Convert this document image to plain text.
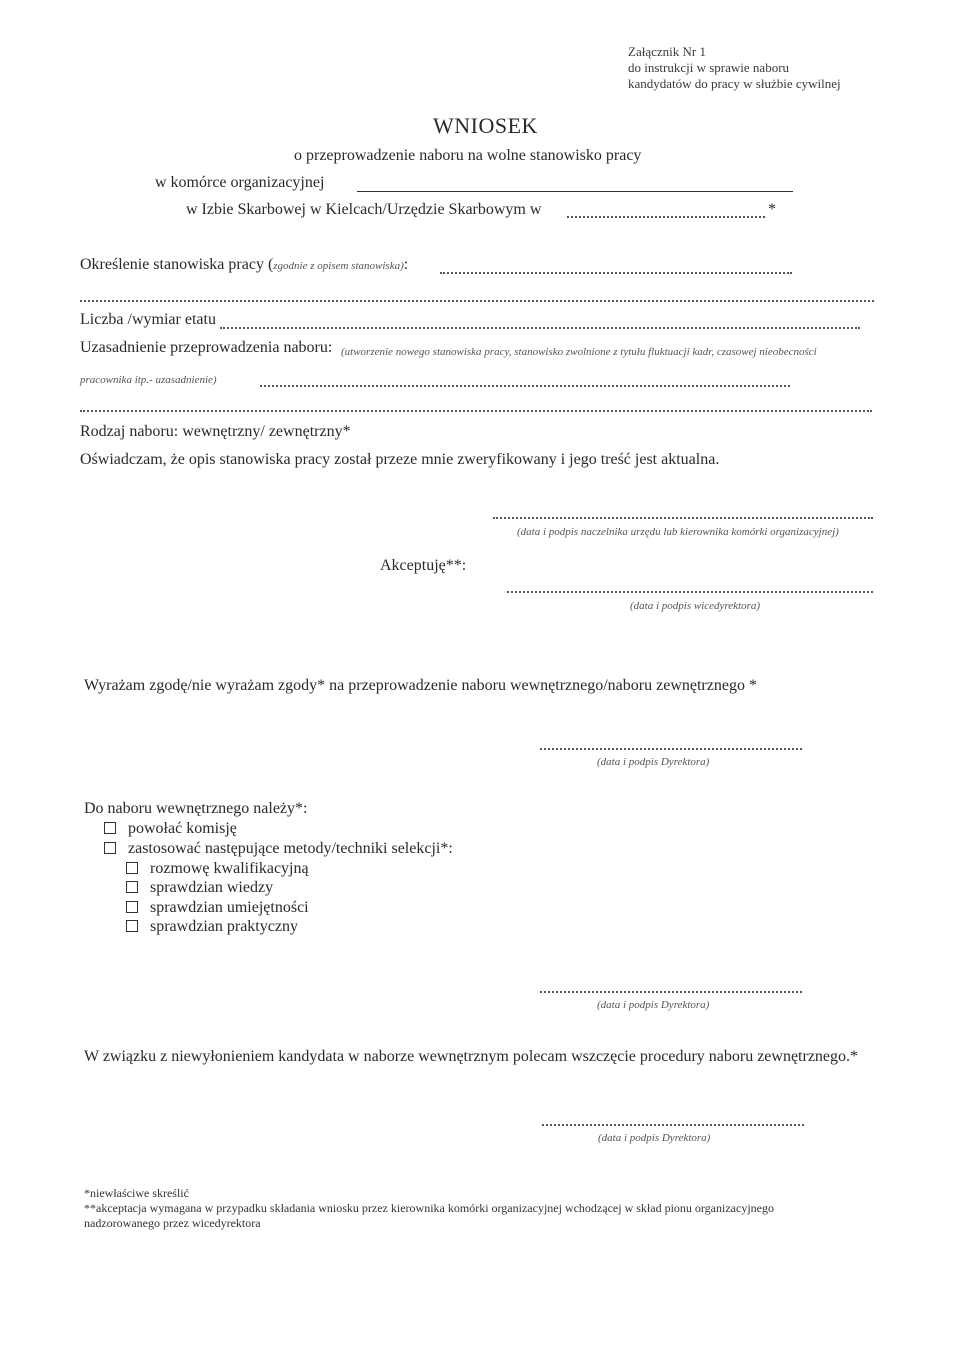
Załącznik Nr 1
do instrukcji w sprawie naboru
kandydatów do pracy w służbie cywilnej
WNIOSEK
o przeprowadzenie naboru na wolne stanowisko pracy
w komórce organizacyjnej
w Izbie Skarbowej w Kielcach/Urzędzie Skarbowym w	*
Określenie stanowiska pracy (zgodnie z opisem stanowiska):
Liczba /wymiar etatu
Uzasadnienie przeprowadzenia naboru: (utworzenie nowego stanowiska pracy, stanowisko zwolnione z tytułu fluktuacji kadr, czasowej nieobecności
pracownika itp.- uzasadnienie)
Rodzaj naboru: wewnętrzny/ zewnętrzny*
Oświadczam, że opis stanowiska pracy został przeze mnie zweryfikowany i jego treść jest aktualna.
(data i podpis naczelnika urzędu lub kierownika komórki organizacyjnej)
Akceptuję**:
(data i podpis wicedyrektora)
Wyrażam zgodę/nie wyrażam zgody* na przeprowadzenie naboru wewnętrznego/naboru zewnętrznego *
(data i podpis Dyrektora)
Do naboru wewnętrznego należy*:
powołać komisję
zastosować następujące metody/techniki selekcji*:
rozmowę kwalifikacyjną
sprawdzian wiedzy
sprawdzian umiejętności
sprawdzian praktyczny
(data i podpis Dyrektora)
W związku z niewyłonieniem kandydata w naborze wewnętrznym polecam wszczęcie procedury naboru zewnętrznego.*
(data i podpis Dyrektora)
*niewłaściwe skreślić
**akceptacja wymagana w przypadku składania wniosku przez kierownika komórki organizacyjnej wchodzącej w skład pionu organizacyjnego
nadzorowanego przez wicedyrektora
